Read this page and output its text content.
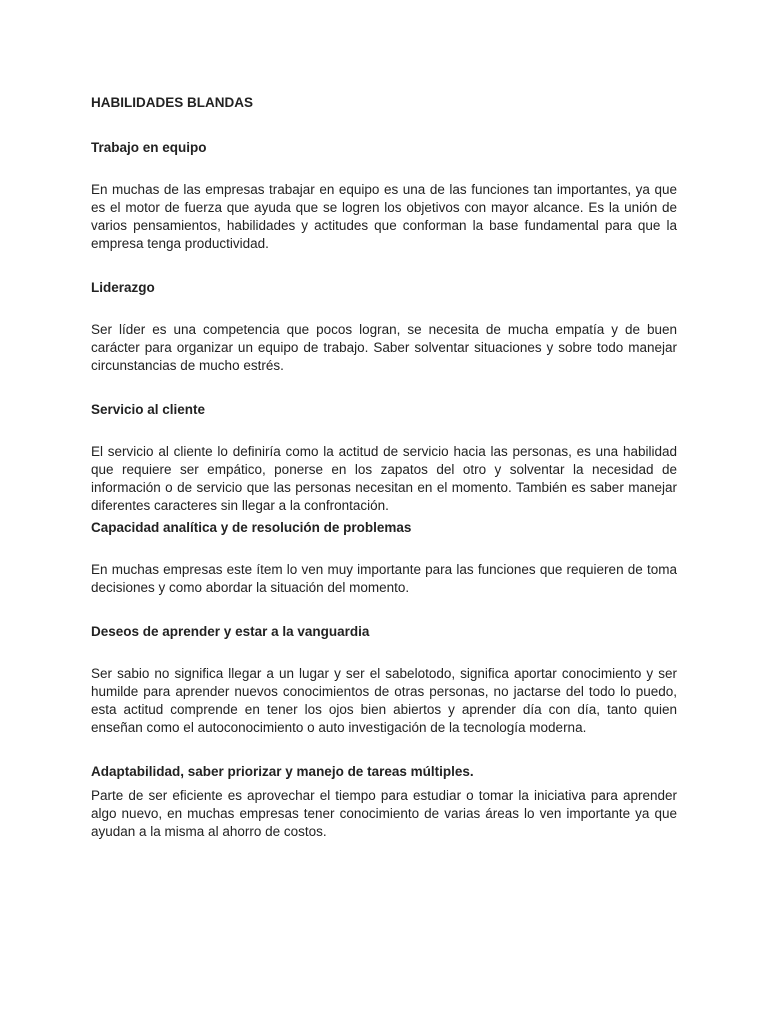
HABILIDADES BLANDAS
Trabajo en equipo

En muchas de las empresas trabajar en equipo es una de las funciones tan importantes, ya que es el motor de fuerza que ayuda que se logren los objetivos con mayor alcance. Es la unión de varios pensamientos, habilidades y actitudes que conforman la base fundamental para que la empresa tenga productividad.

Liderazgo

Ser líder es una competencia que pocos logran, se necesita de mucha empatía y de buen carácter para organizar un equipo de trabajo. Saber solventar situaciones y sobre todo manejar circunstancias de mucho estrés.

Servicio al cliente

El servicio al cliente lo definiría como la actitud de servicio hacia las personas, es una habilidad que requiere ser empático, ponerse en los zapatos del otro y solventar la necesidad de información o de servicio que las personas necesitan en el momento. También es saber manejar diferentes caracteres sin llegar a la confrontación.

Capacidad analítica y de resolución de problemas

En muchas empresas este ítem lo ven muy importante para las funciones que requieren de toma decisiones y como abordar la situación del momento.

Deseos de aprender y estar a la vanguardia

Ser sabio no significa llegar a un lugar y ser el sabelotodo, significa aportar conocimiento y ser humilde para aprender nuevos conocimientos de otras personas, no jactarse del todo lo puedo, esta actitud comprende en tener los ojos bien abiertos y aprender día con día, tanto quien enseñan como el autoconocimiento o auto investigación de la tecnología moderna.

Adaptabilidad, saber priorizar y manejo de tareas múltiples.

Parte de ser eficiente es aprovechar el tiempo para estudiar o tomar la iniciativa para aprender algo nuevo, en muchas empresas tener conocimiento de varias áreas lo ven importante ya que ayudan a la misma al ahorro de costos.
